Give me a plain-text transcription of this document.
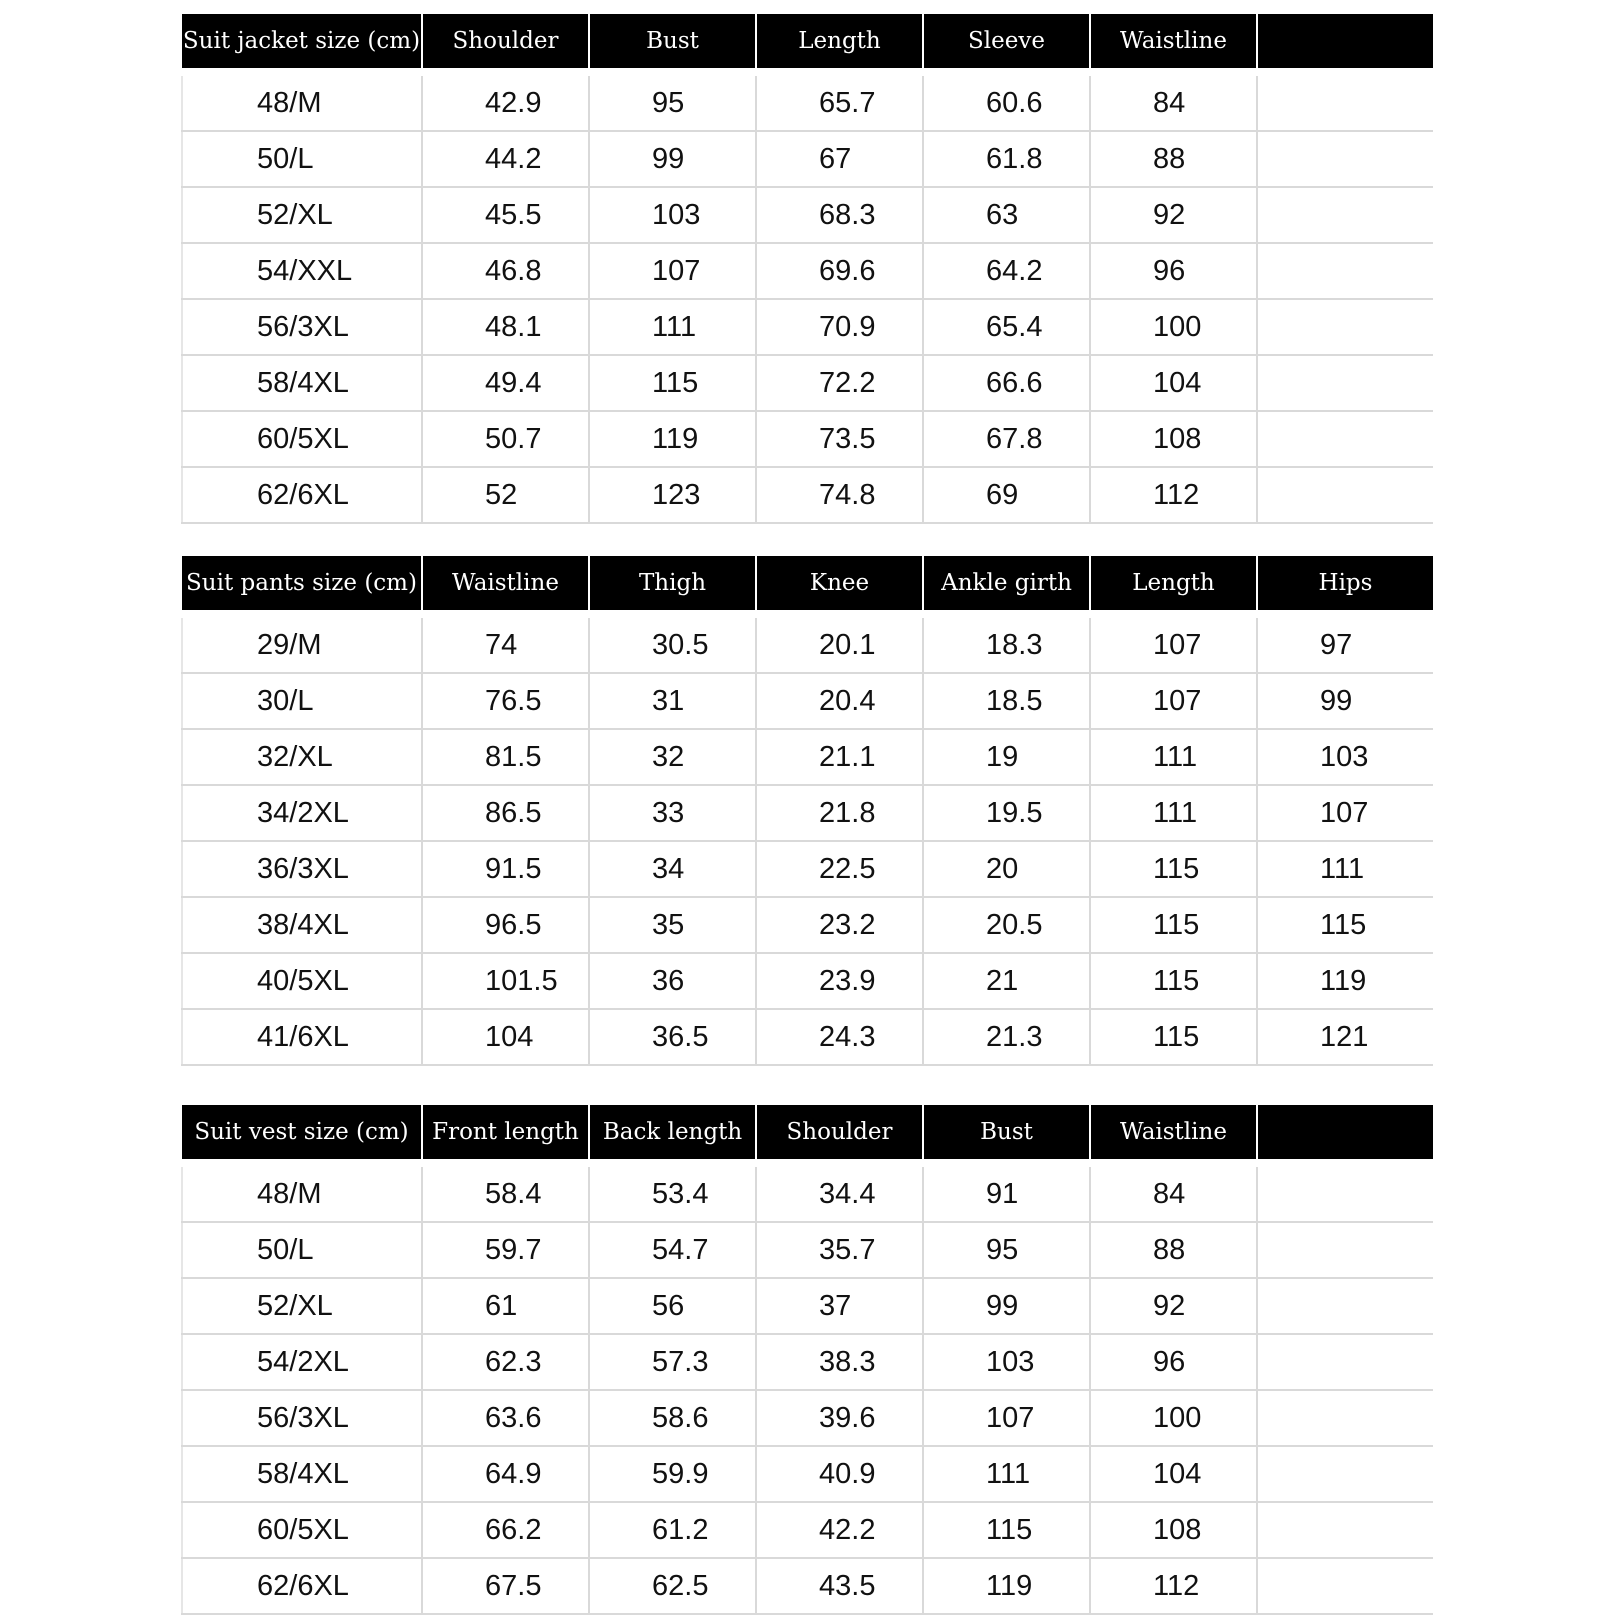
Suit jacket size (cm)	Shoulder	Bust	Length	Sleeve	Waistline	

48/M	42.9	95	65.7	60.6	84	
50/L	44.2	99	67	61.8	88	
52/XL	45.5	103	68.3	63	92	
54/XXL	46.8	107	69.6	64.2	96	
56/3XL	48.1	111	70.9	65.4	100	
58/4XL	49.4	115	72.2	66.6	104	
60/5XL	50.7	119	73.5	67.8	108	
62/6XL	52	123	74.8	69	112	
Suit pants size (cm)	Waistline	Thigh	Knee	Ankle girth	Length	Hips

29/M	74	30.5	20.1	18.3	107	97
30/L	76.5	31	20.4	18.5	107	99
32/XL	81.5	32	21.1	19	111	103
34/2XL	86.5	33	21.8	19.5	111	107
36/3XL	91.5	34	22.5	20	115	111
38/4XL	96.5	35	23.2	20.5	115	115
40/5XL	101.5	36	23.9	21	115	119
41/6XL	104	36.5	24.3	21.3	115	121
Suit vest size (cm)	Front length	Back length	Shoulder	Bust	Waistline	

48/M	58.4	53.4	34.4	91	84	
50/L	59.7	54.7	35.7	95	88	
52/XL	61	56	37	99	92	
54/2XL	62.3	57.3	38.3	103	96	
56/3XL	63.6	58.6	39.6	107	100	
58/4XL	64.9	59.9	40.9	111	104	
60/5XL	66.2	61.2	42.2	115	108	
62/6XL	67.5	62.5	43.5	119	112	
